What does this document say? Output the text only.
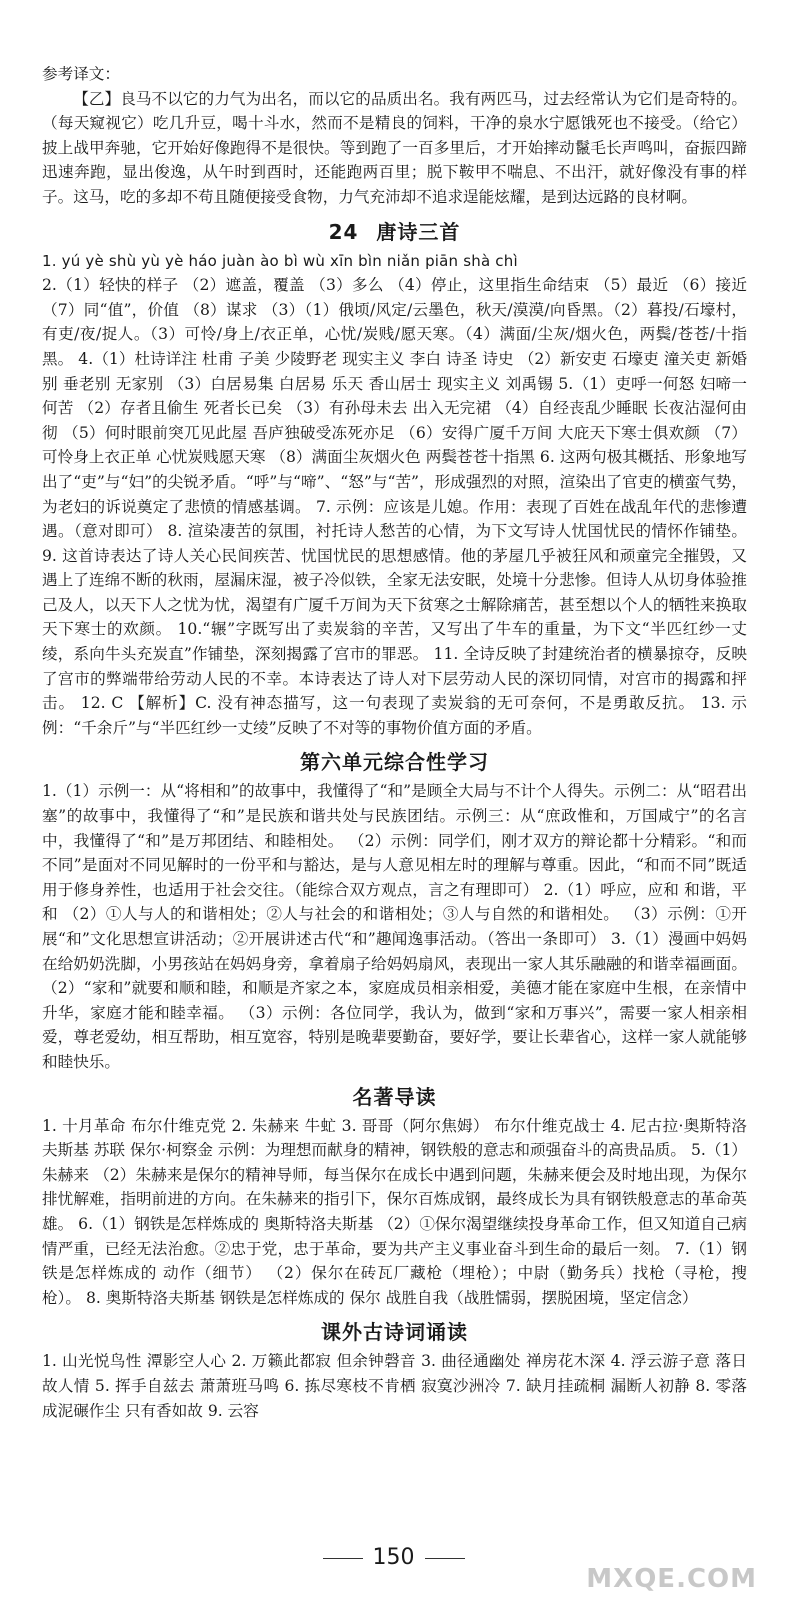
参考译文：

【乙】良马不以它的力气为出名，而以它的品质出名。我有两匹马，过去经常认为它们是奇特的。（每天窥视它）吃几升豆，喝十斗水，然而不是精良的饲料，干净的泉水宁愿饿死也不接受。（给它）披上战甲奔驰，它开始好像跑得不是很快。等到跑了一百多里后，才开始摔动鬣毛长声鸣叫，奋振四蹄迅速奔跑，显出俊逸，从午时到酉时，还能跑两百里；脱下鞍甲不喘息、不出汗，就好像没有事的样子。这马，吃的多却不苟且随便接受食物，力气充沛却不追求逞能炫耀，是到达远路的良材啊。

24 唐诗三首

1. yú yè shù yù yè háo juàn ào bì wù xīn bìn niǎn piān shà chì

2.（1）轻快的样子 （2）遮盖，覆盖 （3）多么 （4）停止，这里指生命结束 （5）最近 （6）接近 （7）同“值”，价值 （8）谋求 （3）（1）俄顷/风定/云墨色，秋天/漠漠/向昏黑。（2）暮投/石壕村，有吏/夜/捉人。（3）可怜/身上/衣正单，心忧/炭贱/愿天寒。（4）满面/尘灰/烟火色，两鬓/苍苍/十指黑。 4.（1）杜诗详注 杜甫 子美 少陵野老 现实主义 李白 诗圣 诗史 （2）新安吏 石壕吏 潼关吏 新婚别 垂老别 无家别 （3）白居易集 白居易 乐天 香山居士 现实主义 刘禹锡 5.（1）吏呼一何怒 妇啼一何苦 （2）存者且偷生 死者长已矣 （3）有孙母未去 出入无完裙 （4）自经丧乱少睡眠 长夜沾湿何由彻 （5）何时眼前突兀见此屋 吾庐独破受冻死亦足 （6）安得广厦千万间 大庇天下寒士俱欢颜 （7）可怜身上衣正单 心忧炭贱愿天寒 （8）满面尘灰烟火色 两鬓苍苍十指黑 6. 这两句极其概括、形象地写出了“吏”与“妇”的尖锐矛盾。“呼”与“啼”、“怒”与“苦”，形成强烈的对照，渲染出了官吏的横蛮气势，为老妇的诉说奠定了悲愤的情感基调。 7. 示例：应该是儿媳。作用：表现了百姓在战乱年代的悲惨遭遇。（意对即可） 8. 渲染凄苦的氛围，衬托诗人愁苦的心情，为下文写诗人忧国忧民的情怀作铺垫。 9. 这首诗表达了诗人关心民间疾苦、忧国忧民的思想感情。他的茅屋几乎被狂风和顽童完全摧毁，又遇上了连绵不断的秋雨，屋漏床湿，被子冷似铁，全家无法安眠，处境十分悲惨。但诗人从切身体验推己及人，以天下人之忧为忧，渴望有广厦千万间为天下贫寒之士解除痛苦，甚至想以个人的牺牲来换取天下寒士的欢颜。 10.“辗”字既写出了卖炭翁的辛苦，又写出了牛车的重量，为下文“半匹红纱一丈绫，系向牛头充炭直”作铺垫，深刻揭露了宫市的罪恶。 11. 全诗反映了封建统治者的横暴掠夺，反映了宫市的弊端带给劳动人民的不幸。本诗表达了诗人对下层劳动人民的深切同情，对宫市的揭露和抨击。 12. C 【解析】C. 没有神态描写，这一句表现了卖炭翁的无可奈何，不是勇敢反抗。 13. 示例：“千余斤”与“半匹红纱一丈绫”反映了不对等的事物价值方面的矛盾。

第六单元综合性学习

1.（1）示例一：从“将相和”的故事中，我懂得了“和”是顾全大局与不计个人得失。示例二：从“昭君出塞”的故事中，我懂得了“和”是民族和谐共处与民族团结。示例三：从“庶政惟和，万国咸宁”的名言中，我懂得了“和”是万邦团结、和睦相处。 （2）示例：同学们，刚才双方的辩论都十分精彩。“和而不同”是面对不同见解时的一份平和与豁达，是与人意见相左时的理解与尊重。因此，“和而不同”既适用于修身养性，也适用于社会交往。（能综合双方观点，言之有理即可） 2.（1）呼应，应和 和谐，平和 （2）①人与人的和谐相处；②人与社会的和谐相处；③人与自然的和谐相处。 （3）示例：①开展“和”文化思想宣讲活动；②开展讲述古代“和”趣闻逸事活动。（答出一条即可） 3.（1）漫画中妈妈在给奶奶洗脚，小男孩站在妈妈身旁，拿着扇子给妈妈扇风，表现出一家人其乐融融的和谐幸福画面。 （2）“家和”就要和顺和睦，和顺是齐家之本，家庭成员相亲相爱，美德才能在家庭中生根，在亲情中升华，家庭才能和睦幸福。 （3）示例：各位同学，我认为，做到“家和万事兴”，需要一家人相亲相爱，尊老爱幼，相互帮助，相互宽容，特别是晚辈要勤奋，要好学，要让长辈省心，这样一家人就能够和睦快乐。

名著导读

1. 十月革命 布尔什维克党 2. 朱赫来 牛虻 3. 哥哥（阿尔焦姆） 布尔什维克战士 4. 尼古拉·奥斯特洛夫斯基 苏联 保尔·柯察金 示例：为理想而献身的精神，钢铁般的意志和顽强奋斗的高贵品质。 5.（1）朱赫来 （2）朱赫来是保尔的精神导师，每当保尔在成长中遇到问题，朱赫来便会及时地出现，为保尔排忧解难，指明前进的方向。在朱赫来的指引下，保尔百炼成钢，最终成长为具有钢铁般意志的革命英雄。 6.（1）钢铁是怎样炼成的 奥斯特洛夫斯基 （2）①保尔渴望继续投身革命工作，但又知道自己病情严重，已经无法治愈。②忠于党，忠于革命，要为共产主义事业奋斗到生命的最后一刻。 7.（1）钢铁是怎样炼成的 动作（细节） （2）保尔在砖瓦厂藏枪（埋枪）；中尉（勤务兵）找枪（寻枪，搜枪）。 8. 奥斯特洛夫斯基 钢铁是怎样炼成的 保尔 战胜自我（战胜懦弱，摆脱困境，坚定信念）

课外古诗词诵读

1. 山光悦鸟性 潭影空人心 2. 万籁此都寂 但余钟磬音 3. 曲径通幽处 禅房花木深 4. 浮云游子意 落日故人情 5. 挥手自兹去 萧萧班马鸣 6. 拣尽寒枝不肯栖 寂寞沙洲冷 7. 缺月挂疏桐 漏断人初静 8. 零落成泥碾作尘 只有香如故 9. 云容

150
MXQE.COM
